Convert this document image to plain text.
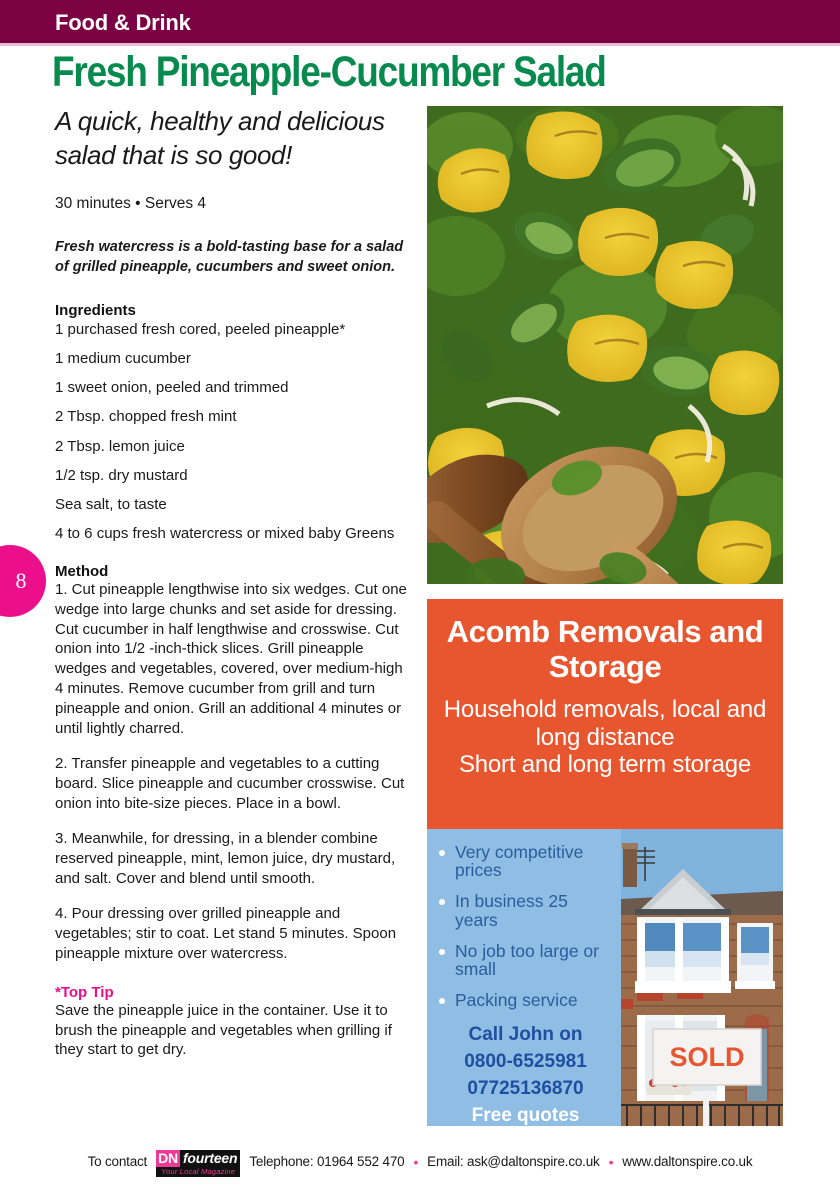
Food & Drink
Fresh Pineapple-Cucumber Salad
8
A quick, healthy and delicious salad that is so good!
30 minutes • Serves 4
Fresh watercress is a bold-tasting base for a salad of grilled pineapple, cucumbers and sweet onion.
Ingredients
1 purchased fresh cored, peeled pineapple*
1 medium cucumber
1 sweet onion, peeled and trimmed
2 Tbsp. chopped fresh mint
2 Tbsp. lemon juice
1/2 tsp. dry mustard
Sea salt, to taste
4 to 6 cups fresh watercress or mixed baby Greens
Method
1. Cut pineapple lengthwise into six wedges. Cut one wedge into large chunks and set aside for dressing. Cut cucumber in half lengthwise and crosswise. Cut onion into 1/2 -inch-thick slices. Grill pineapple wedges and vegetables, covered, over medium-high 4 minutes. Remove cucumber from grill and turn pineapple and onion. Grill an additional 4 minutes or until lightly charred.
2. Transfer pineapple and vegetables to a cutting board. Slice pineapple and cucumber crosswise. Cut onion into bite-size pieces. Place in a bowl.
3. Meanwhile, for dressing, in a blender combine reserved pineapple, mint, lemon juice, dry mustard, and salt. Cover and blend until smooth.
4. Pour dressing over grilled pineapple and vegetables; stir to coat. Let stand 5 minutes. Spoon pineapple mixture over watercress.
*Top Tip
Save the pineapple juice in the container. Use it to brush the pineapple and vegetables when grilling if they start to get dry.
Acomb Removals and Storage
Household removals, local and long distance
Short and long term storage
Very competitive prices
In business 25 years
No job too large or small
Packing service
Call John on
0800-6525981
07725136870
Free quotes
SOLD
To contact DN fourteen
Your Local Magazine
Telephone: 01964 552 470 • Email: ask@daltonspire.co.uk • www.daltonspire.co.uk
